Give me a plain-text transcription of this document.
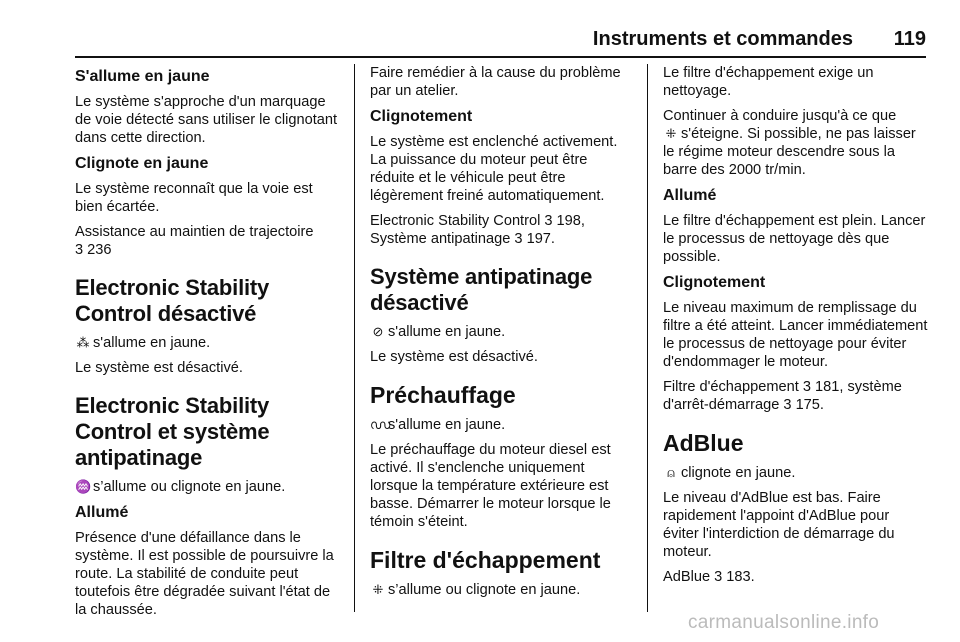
Instruments et commandes 119
S'allume en jaune

Le système s'approche d'un marquage de voie détecté sans utiliser le clignotant dans cette direction.

Clignote en jaune

Le système reconnaît que la voie est bien écartée.

Assistance au maintien de trajectoire
3 236

Electronic Stability Control désactivé

⁂ s'allume en jaune.

Le système est désactivé.

Electronic Stability Control et système antipatinage

♒ s’allume ou clignote en jaune.

Allumé

Présence d'une défaillance dans le système. Il est possible de poursuivre la route. La stabilité de conduite peut toutefois être dégradée suivant l'état de la chaussée.

Faire remédier à la cause du problème par un atelier.

Clignotement

Le système est enclenché activement. La puissance du moteur peut être réduite et le véhicule peut être légèrement freiné automatiquement.

Electronic Stability Control 3 198, Système antipatinage 3 197.

Système antipatinage désactivé

⊘ s'allume en jaune.

Le système est désactivé.

Préchauffage

൜s'allume en jaune.

Le préchauffage du moteur diesel est activé. Il s'enclenche uniquement lorsque la température extérieure est basse. Démarrer le moteur lorsque le témoin s'éteint.

Filtre d'échappement

⁜ s’allume ou clignote en jaune.

Le filtre d'échappement exige un nettoyage.

Continuer à conduire jusqu'à ce que
⁜ s'éteigne. Si possible, ne pas laisser le régime moteur descendre sous la barre des 2000 tr/min.

Allumé

Le filtre d'échappement est plein. Lancer le processus de nettoyage dès que possible.

Clignotement

Le niveau maximum de remplissage du filtre a été atteint. Lancer immédiatement le processus de nettoyage pour éviter d'endommager le moteur.

Filtre d'échappement 3 181, système d'arrêt-démarrage 3 175.

AdBlue

⍝ clignote en jaune.

Le niveau d'AdBlue est bas. Faire rapidement l'appoint d'AdBlue pour éviter l'interdiction de démarrage du moteur.

AdBlue 3 183.

carmanualsonline.info
